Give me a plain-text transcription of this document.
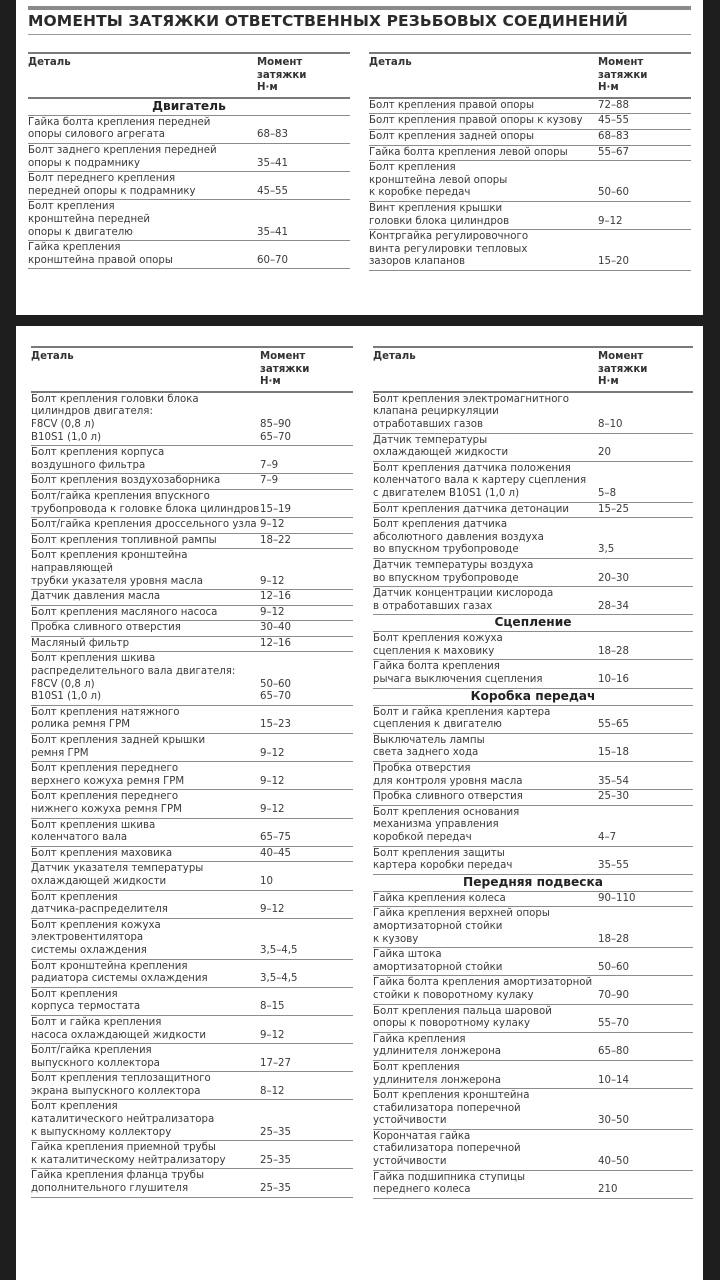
МОМЕНТЫ ЗАТЯЖКИ ОТВЕТСТВЕННЫХ РЕЗЬБОВЫХ СОЕДИНЕНИЙ
Деталь	Момент затяжки
Н·м
Двигатель
Гайка болта крепления передней
опоры силового агрегата	68–83
Болт заднего крепления передней
опоры к подрамнику	35–41
Болт переднего крепления
передней опоры к подрамнику	45–55
Болт крепления
кронштейна передней
опоры к двигателю	35–41
Гайка крепления
кронштейна правой опоры	60–70
Деталь	Момент затяжки
Н·м
Болт крепления правой опоры	72–88
Болт крепления правой опоры к кузову	45–55
Болт крепления задней опоры	68–83
Гайка болта крепления левой опоры	55–67
Болт крепления
кронштейна левой опоры
к коробке передач	50–60
Винт крепления крышки
головки блока цилиндров	9–12
Контргайка регулировочного
винта регулировки тепловых
зазоров клапанов	15–20
Деталь	Момент затяжки
Н·м
Болт крепления головки блока
цилиндров двигателя:
F8CV (0,8 л)
B10S1 (1,0 л)
85–90
65–70
Болт крепления корпуса
воздушного фильтра	7–9
Болт крепления воздухозаборника	7–9
Болт/гайка крепления впускного
трубопровода к головке блока цилиндров 15–19
Болт/гайка крепления дроссельного узла 9–12
Болт крепления топливной рампы	18–22
Болт крепления кронштейна направляющей
трубки указателя уровня масла	9–12
Датчик давления масла	12–16
Болт крепления масляного насоса	9–12
Пробка сливного отверстия	30–40
Масляный фильтр	12–16
Болт крепления шкива
распределительного вала двигателя:
F8CV (0,8 л)
B10S1 (1,0 л)
50–60
65–70
Болт крепления натяжного
ролика ремня ГРМ	15–23
Болт крепления задней крышки
ремня ГРМ	9–12
Болт крепления переднего
верхнего кожуха ремня ГРМ	9–12
Болт крепления переднего
нижнего кожуха ремня ГРМ	9–12
Болт крепления шкива
коленчатого вала	65–75
Болт крепления маховика	40–45
Датчик указателя температуры
охлаждающей жидкости	10
Болт крепления
датчика-распределителя	9–12
Болт крепления кожуха
электровентилятора
системы охлаждения	3,5–4,5
Болт кронштейна крепления
радиатора системы охлаждения	3,5–4,5
Болт крепления
корпуса термостата	8–15
Болт и гайка крепления
насоса охлаждающей жидкости	9–12
Болт/гайка крепления
выпускного коллектора	17–27
Болт крепления теплозащитного
экрана выпускного коллектора	8–12
Болт крепления
каталитического нейтрализатора
к выпускному коллектору	25–35
Гайка крепления приемной трубы
к каталитическому нейтрализатору	25–35
Гайка крепления фланца трубы
дополнительного глушителя	25–35
Деталь	Момент затяжки
Н·м
Болт крепления электромагнитного
клапана рециркуляции
отработавших газов	8–10
Датчик температуры
охлаждающей жидкости	20
Болт крепления датчика положения
коленчатого вала к картеру сцепления
с двигателем B10S1 (1,0 л)	5–8
Болт крепления датчика детонации	15–25
Болт крепления датчика
абсолютного давления воздуха
во впускном трубопроводе	3,5
Датчик температуры воздуха
во впускном трубопроводе	20–30
Датчик концентрации кислорода
в отработавших газах	28–34
Сцепление
Болт крепления кожуха
сцепления к маховику	18–28
Гайка болта крепления
рычага выключения сцепления	10–16
Коробка передач
Болт и гайка крепления картера
сцепления к двигателю	55–65
Выключатель лампы
света заднего хода	15–18
Пробка отверстия
для контроля уровня масла	35–54
Пробка сливного отверстия	25–30
Болт крепления основания
механизма управления
коробкой передач	4–7
Болт крепления защиты
картера коробки передач	35–55
Передняя подвеска
Гайка крепления колеса	90–110
Гайка крепления верхней опоры
амортизаторной стойки
к кузову	18–28
Гайка штока
амортизаторной стойки	50–60
Гайка болта крепления амортизаторной
стойки к поворотному кулаку	70–90
Болт крепления пальца шаровой
опоры к поворотному кулаку	55–70
Гайка крепления
удлинителя лонжерона	65–80
Болт крепления
удлинителя лонжерона	10–14
Болт крепления кронштейна
стабилизатора поперечной
устойчивости	30–50
Корончатая гайка
стабилизатора поперечной
устойчивости	40–50
Гайка подшипника ступицы
переднего колеса	210
